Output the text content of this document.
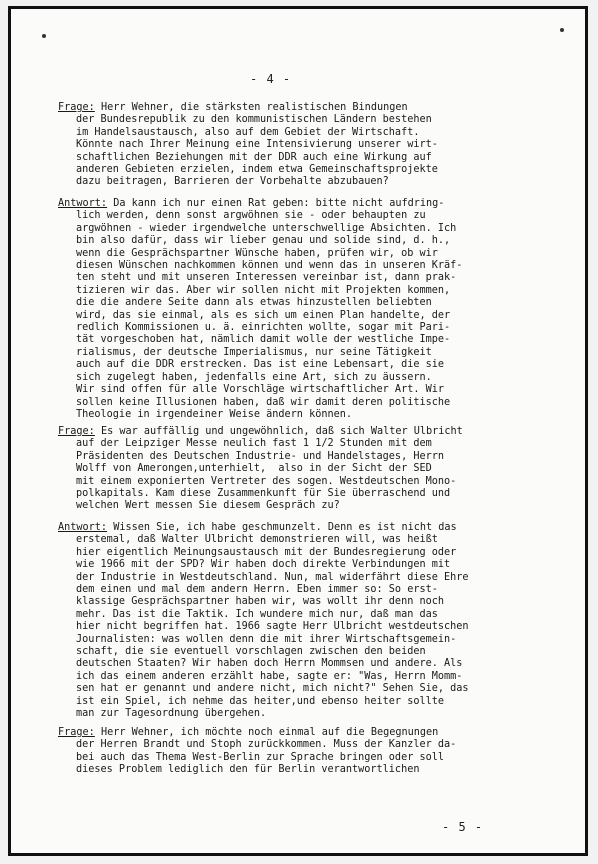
- 4 -
Frage: Herr Wehner, die stärksten realistischen Bindungen
der Bundesrepublik zu den kommunistischen Ländern bestehen
im Handelsaustausch, also auf dem Gebiet der Wirtschaft.
Könnte nach Ihrer Meinung eine Intensivierung unserer wirt-
schaftlichen Beziehungen mit der DDR auch eine Wirkung auf
anderen Gebieten erzielen, indem etwa Gemeinschaftsprojekte
dazu beitragen, Barrieren der Vorbehalte abzubauen?
Antwort: Da kann ich nur einen Rat geben: bitte nicht aufdring-
lich werden, denn sonst argwöhnen sie - oder behaupten zu
argwöhnen - wieder irgendwelche unterschwellige Absichten. Ich
bin also dafür, dass wir lieber genau und solide sind, d. h.,
wenn die Gesprächspartner Wünsche haben, prüfen wir, ob wir
diesen Wünschen nachkommen können und wenn das in unseren Kräf-
ten steht und mit unseren Interessen vereinbar ist, dann prak-
tizieren wir das. Aber wir sollen nicht mit Projekten kommen,
die die andere Seite dann als etwas hinzustellen beliebten
wird, das sie einmal, als es sich um einen Plan handelte, der
redlich Kommissionen u. ä. einrichten wollte, sogar mit Pari-
tät vorgeschoben hat, nämlich damit wolle der westliche Impe-
rialismus, der deutsche Imperialismus, nur seine Tätigkeit
auch auf die DDR erstrecken. Das ist eine Lebensart, die sie
sich zugelegt haben, jedenfalls eine Art, sich zu äussern.
Wir sind offen für alle Vorschläge wirtschaftlicher Art. Wir
sollen keine Illusionen haben, daß wir damit deren politische
Theologie in irgendeiner Weise ändern können.
Frage: Es war auffällig und ungewöhnlich, daß sich Walter Ulbricht
auf der Leipziger Messe neulich fast 1 1/2 Stunden mit dem
Präsidenten des Deutschen Industrie- und Handelstages, Herrn
Wolff von Amerongen,unterhielt,  also in der Sicht der SED
mit einem exponierten Vertreter des sogen. Westdeutschen Mono-
polkapitals. Kam diese Zusammenkunft für Sie überraschend und
welchen Wert messen Sie diesem Gespräch zu?
Antwort: Wissen Sie, ich habe geschmunzelt. Denn es ist nicht das
erstemal, daß Walter Ulbricht demonstrieren will, was heißt
hier eigentlich Meinungsaustausch mit der Bundesregierung oder
wie 1966 mit der SPD? Wir haben doch direkte Verbindungen mit
der Industrie in Westdeutschland. Nun, mal widerfährt diese Ehre
dem einen und mal dem andern Herrn. Eben immer so: So erst-
klassige Gesprächspartner haben wir, was wollt ihr denn noch
mehr. Das ist die Taktik. Ich wundere mich nur, daß man das
hier nicht begriffen hat. 1966 sagte Herr Ulbricht westdeutschen
Journalisten: was wollen denn die mit ihrer Wirtschaftsgemein-
schaft, die sie eventuell vorschlagen zwischen den beiden
deutschen Staaten? Wir haben doch Herrn Mommsen und andere. Als
ich das einem anderen erzählt habe, sagte er: "Was, Herrn Momm-
sen hat er genannt und andere nicht, mich nicht?" Sehen Sie, das
ist ein Spiel, ich nehme das heiter,und ebenso heiter sollte
man zur Tagesordnung übergehen.
Frage: Herr Wehner, ich möchte noch einmal auf die Begegnungen
der Herren Brandt und Stoph zurückkommen. Muss der Kanzler da-
bei auch das Thema West-Berlin zur Sprache bringen oder soll
dieses Problem lediglich den für Berlin verantwortlichen
- 5 -
